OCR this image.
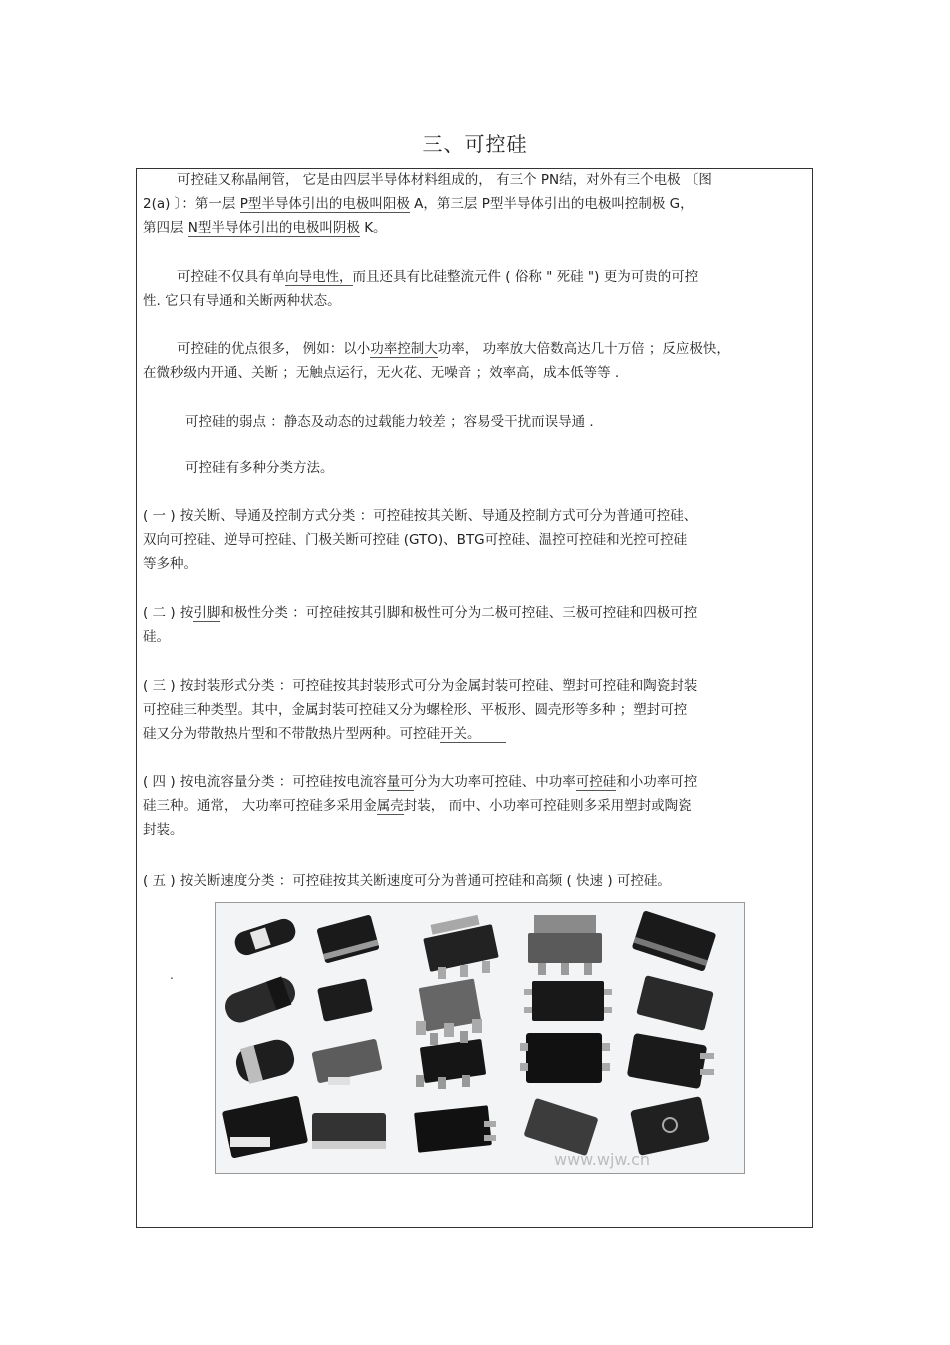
三、可控硅
可控硅又称晶闸管， 它是由四层半导体材料组成的， 有三个 PN结，对外有三个电极 〔图
2(a) 〕：第一层 P型半导体引出的电极叫阳极 A，第三层 P型半导体引出的电极叫控制极 G，
第四层 N型半导体引出的电极叫阴极 K。
可控硅不仅具有单向导电性，而且还具有比硅整流元件 ( 俗称 " 死硅 ") 更为可贵的可控
性. 它只有导通和关断两种状态。
可控硅的优点很多， 例如：以小功率控制大功率， 功率放大倍数高达几十万倍 ；反应极快，
在微秒级内开通、关断 ；无触点运行，无火花、无噪音 ；效率高，成本低等等 .
可控硅的弱点 ：静态及动态的过载能力较差 ；容易受干扰而误导通 .
可控硅有多种分类方法。
( 一 ) 按关断、导通及控制方式分类 ：可控硅按其关断、导通及控制方式可分为普通可控硅、
双向可控硅、逆导可控硅、门极关断可控硅 (GTO)、BTG可控硅、温控可控硅和光控可控硅
等多种。
( 二 ) 按引脚和极性分类 ：可控硅按其引脚和极性可分为二极可控硅、三极可控硅和四极可控
硅。
( 三 ) 按封装形式分类 ：可控硅按其封装形式可分为金属封装可控硅、塑封可控硅和陶瓷封装
可控硅三种类型。其中，金属封装可控硅又分为螺栓形、平板形、圆壳形等多种 ；塑封可控
硅又分为带散热片型和不带散热片型两种。可控硅开关。
( 四 ) 按电流容量分类 ：可控硅按电流容量可分为大功率可控硅、中功率可控硅和小功率可控
硅三种。通常， 大功率可控硅多采用金属壳封装， 而中、小功率可控硅则多采用塑封或陶瓷
封装。
( 五 ) 按关断速度分类 ：可控硅按其关断速度可分为普通可控硅和高频 ( 快速 ) 可控硅。
.
www.wjw.cn
